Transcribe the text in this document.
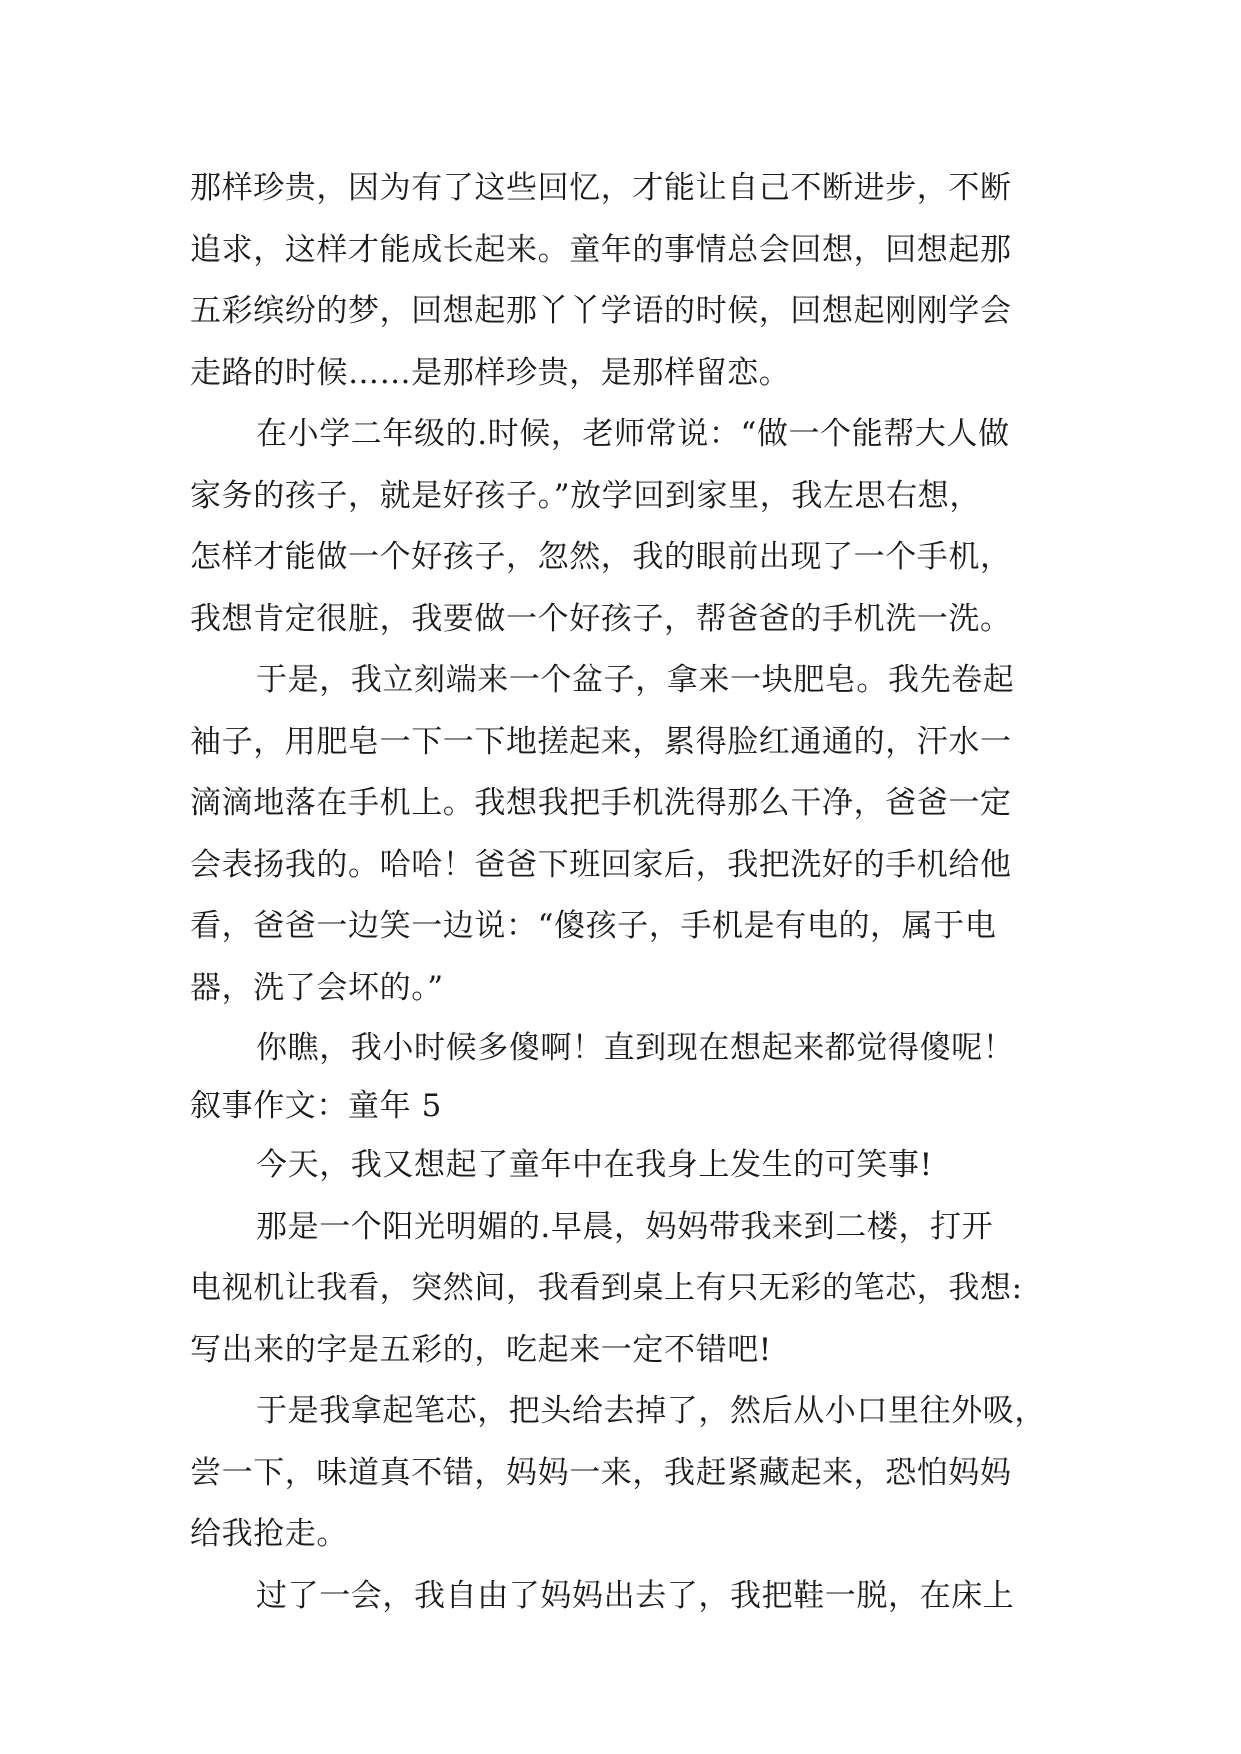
那样珍贵，因为有了这些回忆，才能让自己不断进步，不断
追求，这样才能成长起来。童年的事情总会回想，回想起那
五彩缤纷的梦，回想起那丫丫学语的时候，回想起刚刚学会
走路的时候……是那样珍贵，是那样留恋。
在小学二年级的.时候，老师常说：“做一个能帮大人做
家务的孩子，就是好孩子。”放学回到家里，我左思右想，
怎样才能做一个好孩子，忽然，我的眼前出现了一个手机，
我想肯定很脏，我要做一个好孩子，帮爸爸的手机洗一洗。
于是，我立刻端来一个盆子，拿来一块肥皂。我先卷起
袖子，用肥皂一下一下地搓起来，累得脸红通通的，汗水一
滴滴地落在手机上。我想我把手机洗得那么干净，爸爸一定
会表扬我的。哈哈！爸爸下班回家后，我把洗好的手机给他
看，爸爸一边笑一边说：“傻孩子，手机是有电的，属于电
器，洗了会坏的。”
你瞧，我小时候多傻啊！直到现在想起来都觉得傻呢！
叙事作文：童年 5
今天，我又想起了童年中在我身上发生的可笑事!
那是一个阳光明媚的.早晨，妈妈带我来到二楼，打开
电视机让我看，突然间，我看到桌上有只无彩的笔芯，我想:
写出来的字是五彩的，吃起来一定不错吧!
于是我拿起笔芯，把头给去掉了，然后从小口里往外吸，
尝一下，味道真不错，妈妈一来，我赶紧藏起来，恐怕妈妈
给我抢走。
过了一会，我自由了妈妈出去了，我把鞋一脱，在床上
